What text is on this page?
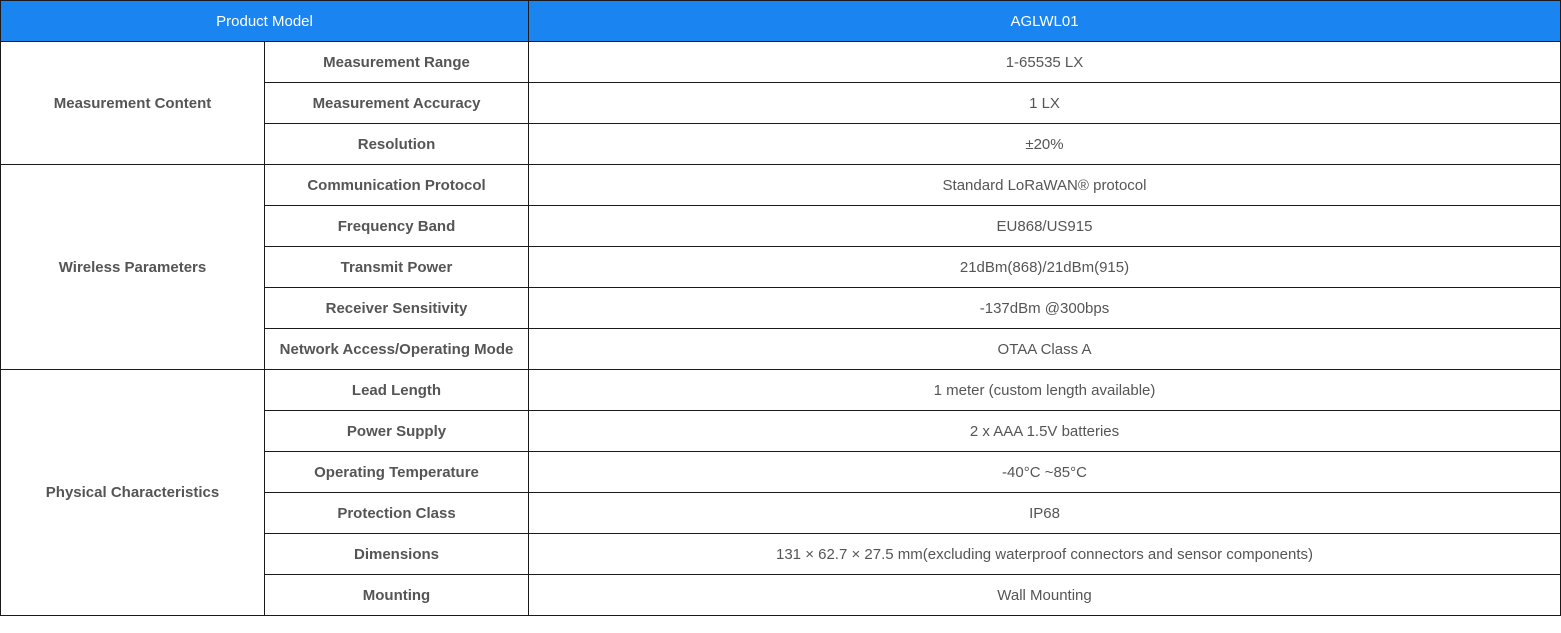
Product Model		AGLWL01
Measurement Content	Measurement Range	1-65535 LX
	Measurement Accuracy	1 LX
	Resolution	±20%
Wireless Parameters	Communication Protocol	Standard LoRaWAN® protocol
	Frequency Band	EU868/US915
	Transmit Power	21dBm(868)/21dBm(915)
	Receiver Sensitivity	-137dBm @300bps
	Network Access/Operating Mode	OTAA Class A
Physical Characteristics	Lead Length	1 meter (custom length available)
	Power Supply	2 x AAA 1.5V batteries
	Operating Temperature	-40°C ~85°C
	Protection Class	IP68
	Dimensions	131 × 62.7 × 27.5 mm(excluding waterproof connectors and sensor components)
	Mounting	Wall Mounting
